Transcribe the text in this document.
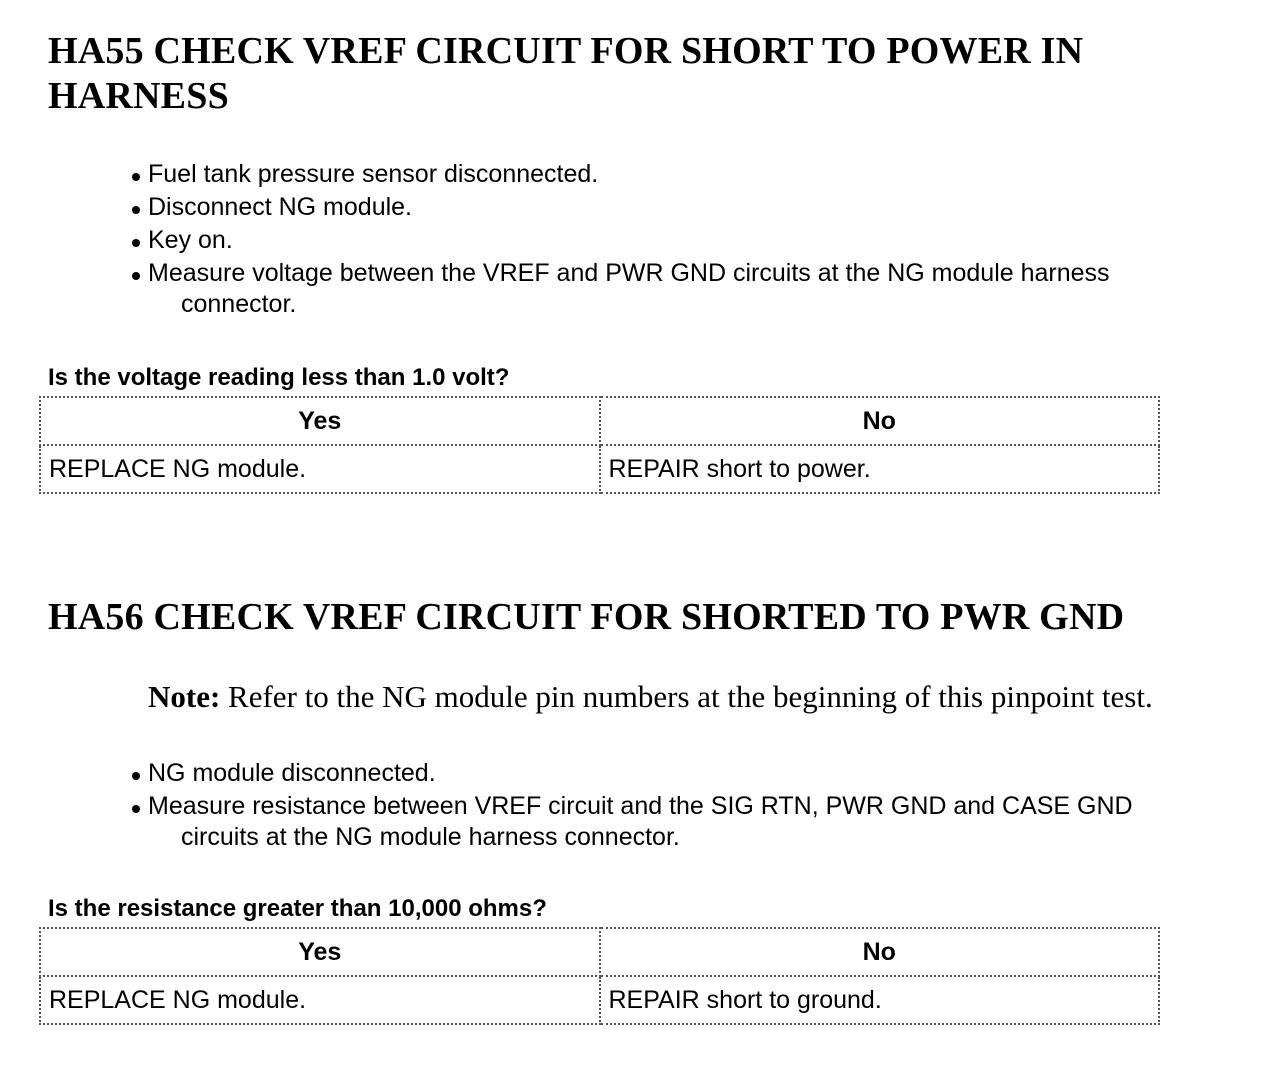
HA55 CHECK VREF CIRCUIT FOR SHORT TO POWER IN HARNESS
Fuel tank pressure sensor disconnected.
Disconnect NG module.
Key on.
Measure voltage between the VREF and PWR GND circuits at the NG module harness
connector.

Is the voltage reading less than 1.0 volt?

Yes	No
REPLACE NG module.	REPAIR short to power.
HA56 CHECK VREF CIRCUIT FOR SHORTED TO PWR GND

Note: Refer to the NG module pin numbers at the beginning of this pinpoint test.

NG module disconnected.
Measure resistance between VREF circuit and the SIG RTN, PWR GND and CASE GND
circuits at the NG module harness connector.

Is the resistance greater than 10,000 ohms?

Yes	No
REPLACE NG module.	REPAIR short to ground.
